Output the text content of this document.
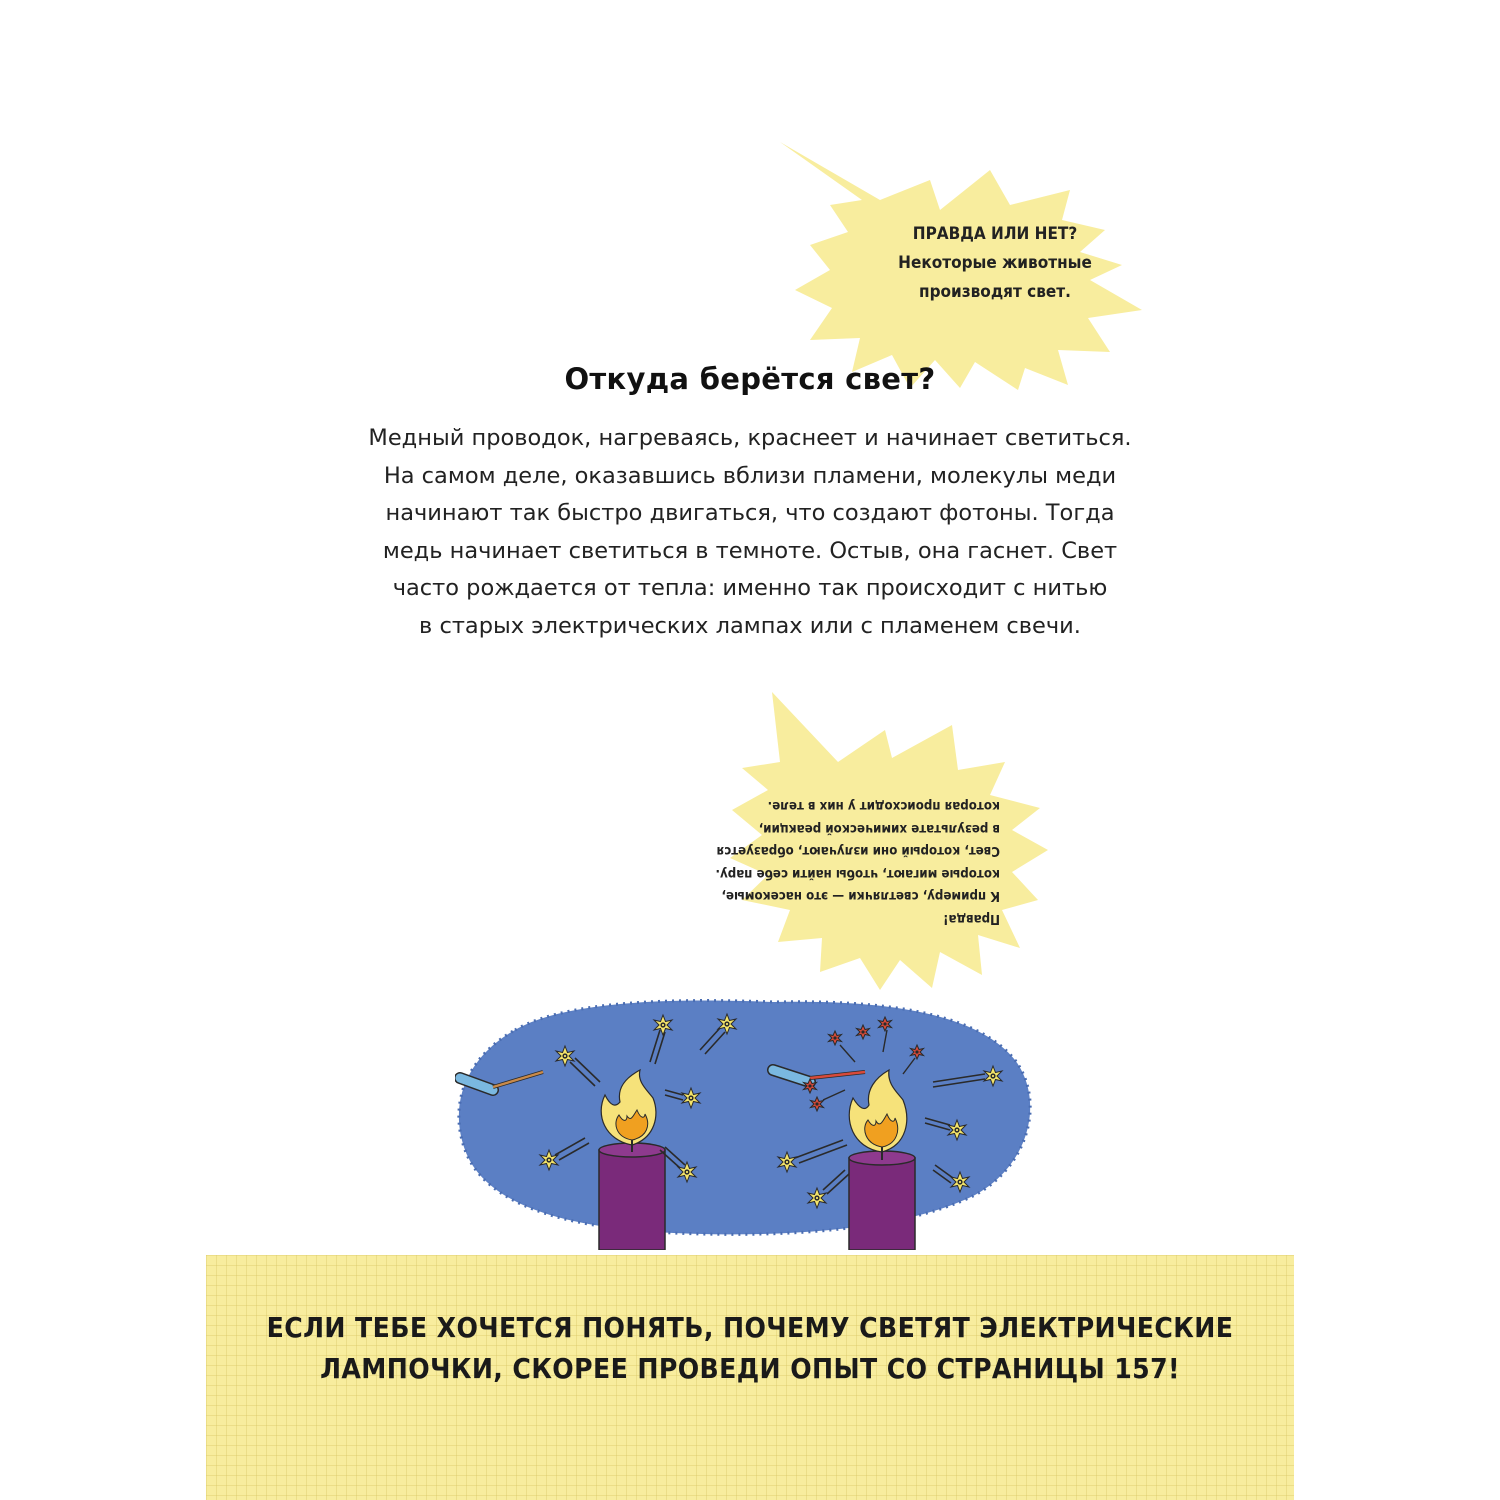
ПРАВДА ИЛИ НЕТ?
Некоторые животные
производят свет.
Откуда берётся свет?
Медный проводок, нагреваясь, краснеет и начинает светиться.
На самом деле, оказавшись вблизи пламени, молекулы меди
начинают так быстро двигаться, что создают фотоны. Тогда
медь начинает светиться в темноте. Остыв, она гаснет. Свет
часто рождается от тепла: именно так происходит с нитью
в старых электрических лампах или с пламенем свечи.
Правда!
К примеру, светлячки — это насекомые,
которые мигают, чтобы найти себе пару.
Свет, который они излучают, образуется
в результате химической реакции,
которая происходит у них в теле.
ЕСЛИ ТЕБЕ ХОЧЕТСЯ ПОНЯТЬ, ПОЧЕМУ СВЕТЯТ ЭЛЕКТРИЧЕСКИЕ
ЛАМПОЧКИ, СКОРЕЕ ПРОВЕДИ ОПЫТ СО СТРАНИЦЫ 157!
